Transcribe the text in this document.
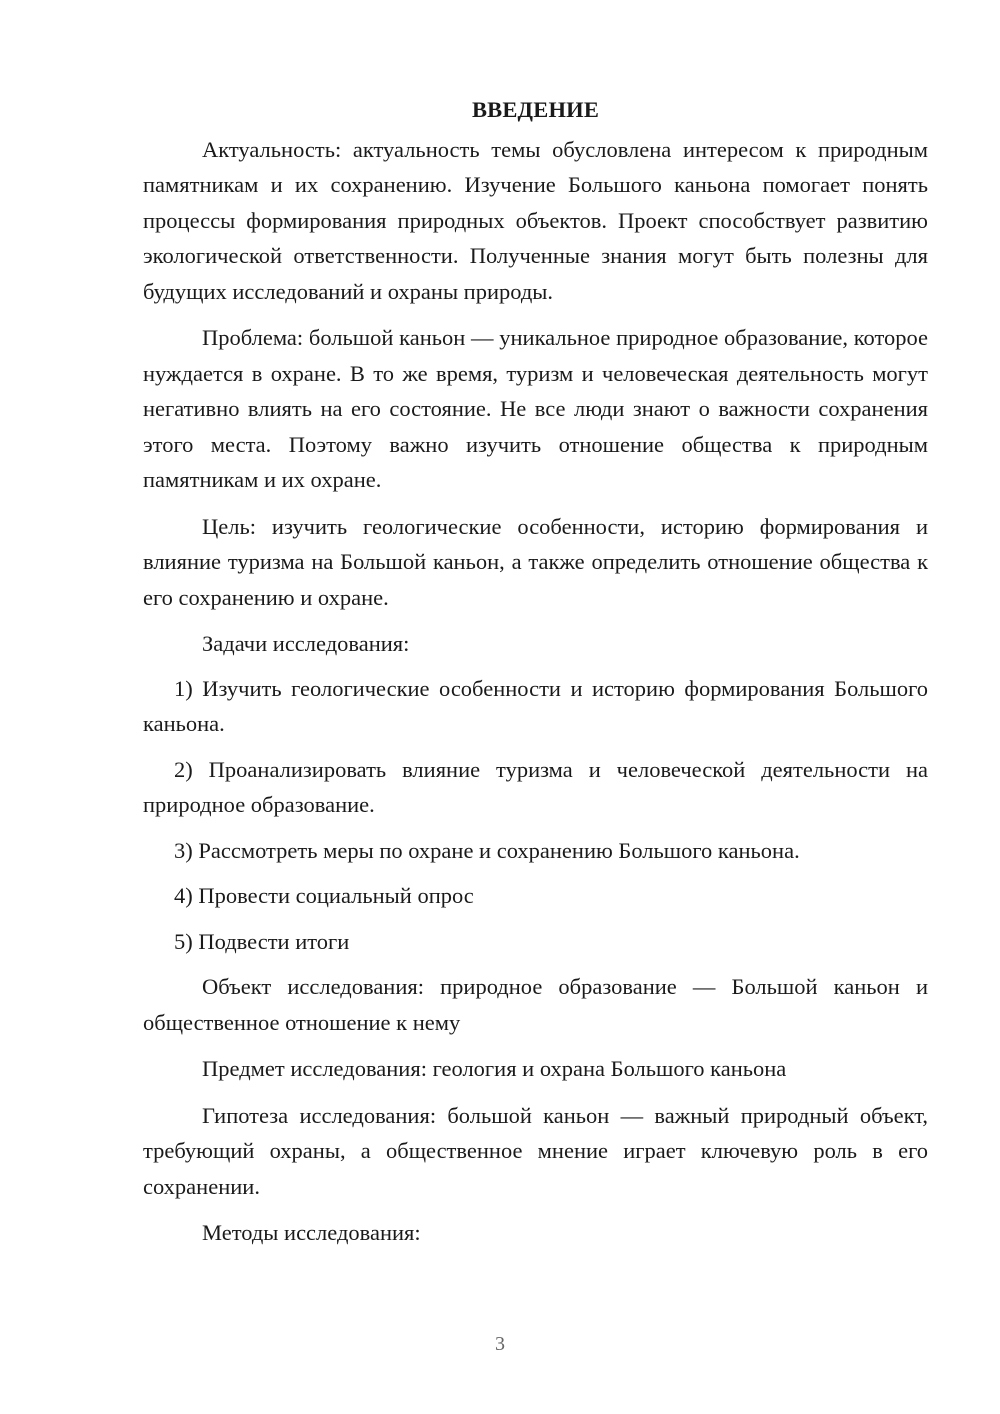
ВВЕДЕНИЕ

Актуальность: актуальность темы обусловлена интересом к природным памятникам и их сохранению. Изучение Большого каньона помогает понять процессы формирования природных объектов. Проект способствует развитию экологической ответственности. Полученные знания могут быть полезны для будущих исследований и охраны природы.

Проблема: большой каньон — уникальное природное образование, которое нуждается в охране. В то же время, туризм и человеческая деятельность могут негативно влиять на его состояние. Не все люди знают о важности сохранения этого места. Поэтому важно изучить отношение общества к природным памятникам и их охране.

Цель: изучить геологические особенности, историю формирования и влияние туризма на Большой каньон, а также определить отношение общества к его сохранению и охране.

Задачи исследования:

1) Изучить геологические особенности и историю формирования Большого каньона.

2) Проанализировать влияние туризма и человеческой деятельности на природное образование.

3) Рассмотреть меры по охране и сохранению Большого каньона.

4) Провести социальный опрос

5) Подвести итоги

Объект исследования: природное образование — Большой каньон и общественное отношение к нему

Предмет исследования: геология и охрана Большого каньона

Гипотеза исследования: большой каньон — важный природный объект, требующий охраны, а общественное мнение играет ключевую роль в его сохранении.

Методы исследования:

3
